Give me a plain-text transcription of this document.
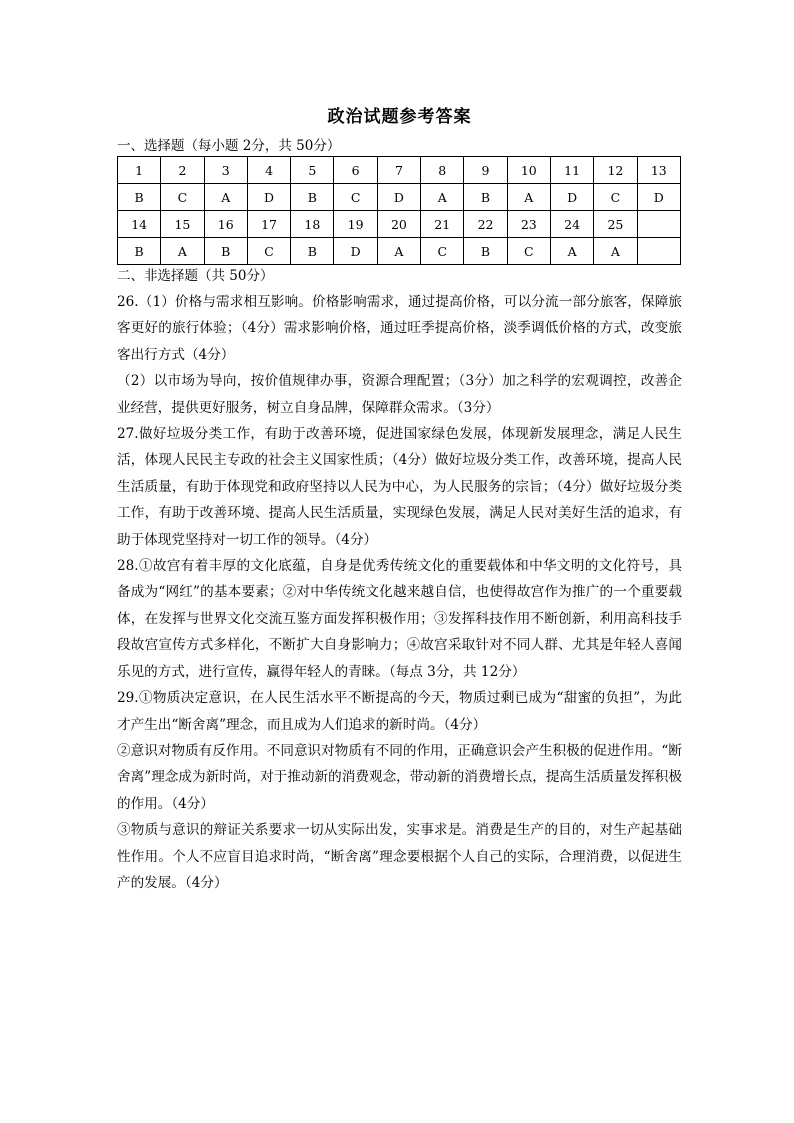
政治试题参考答案
一、选择题（每小题 2分，共 50分）
1	2	3	4	5	6	7	8	9	10	11	12	13
B	C	A	D	B	C	D	A	B	A	D	C	D
14	15	16	17	18	19	20	21	22	23	24	25	
B	A	B	C	B	D	A	C	B	C	A	A	
二、非选择题（共 50分）

26.（1）价格与需求相互影响。价格影响需求，通过提高价格，可以分流一部分旅客，保障旅客更好的旅行体验；（4分）需求影响价格，通过旺季提高价格，淡季调低价格的方式，改变旅客出行方式（4分）

（2）以市场为导向，按价值规律办事，资源合理配置；（3分）加之科学的宏观调控，改善企业经营，提供更好服务，树立自身品牌，保障群众需求。（3分）

27.做好垃圾分类工作，有助于改善环境，促进国家绿色发展，体现新发展理念，满足人民生活，体现人民民主专政的社会主义国家性质；（4分）做好垃圾分类工作，改善环境，提高人民生活质量，有助于体现党和政府坚持以人民为中心，为人民服务的宗旨；（4分）做好垃圾分类工作，有助于改善环境、提高人民生活质量，实现绿色发展，满足人民对美好生活的追求，有助于体现党坚持对一切工作的领导。（4分）

28.①故宫有着丰厚的文化底蕴，自身是优秀传统文化的重要载体和中华文明的文化符号，具备成为“网红”的基本要素；②对中华传统文化越来越自信，也使得故宫作为推广的一个重要载体，在发挥与世界文化交流互鉴方面发挥积极作用；③发挥科技作用不断创新，利用高科技手段故宫宣传方式多样化，不断扩大自身影响力；④故宫采取针对不同人群、尤其是年轻人喜闻乐见的方式，进行宣传，赢得年轻人的青睐。（每点 3分，共 12分）

29.①物质决定意识，在人民生活水平不断提高的今天，物质过剩已成为“甜蜜的负担”，为此才产生出“断舍离”理念，而且成为人们追求的新时尚。（4分）

②意识对物质有反作用。不同意识对物质有不同的作用，正确意识会产生积极的促进作用。“断舍离”理念成为新时尚，对于推动新的消费观念，带动新的消费增长点，提高生活质量发挥积极的作用。（4分）

③物质与意识的辩证关系要求一切从实际出发，实事求是。消费是生产的目的，对生产起基础性作用。个人不应盲目追求时尚，“断舍离”理念要根据个人自己的实际，合理消费，以促进生产的发展。（4分）
